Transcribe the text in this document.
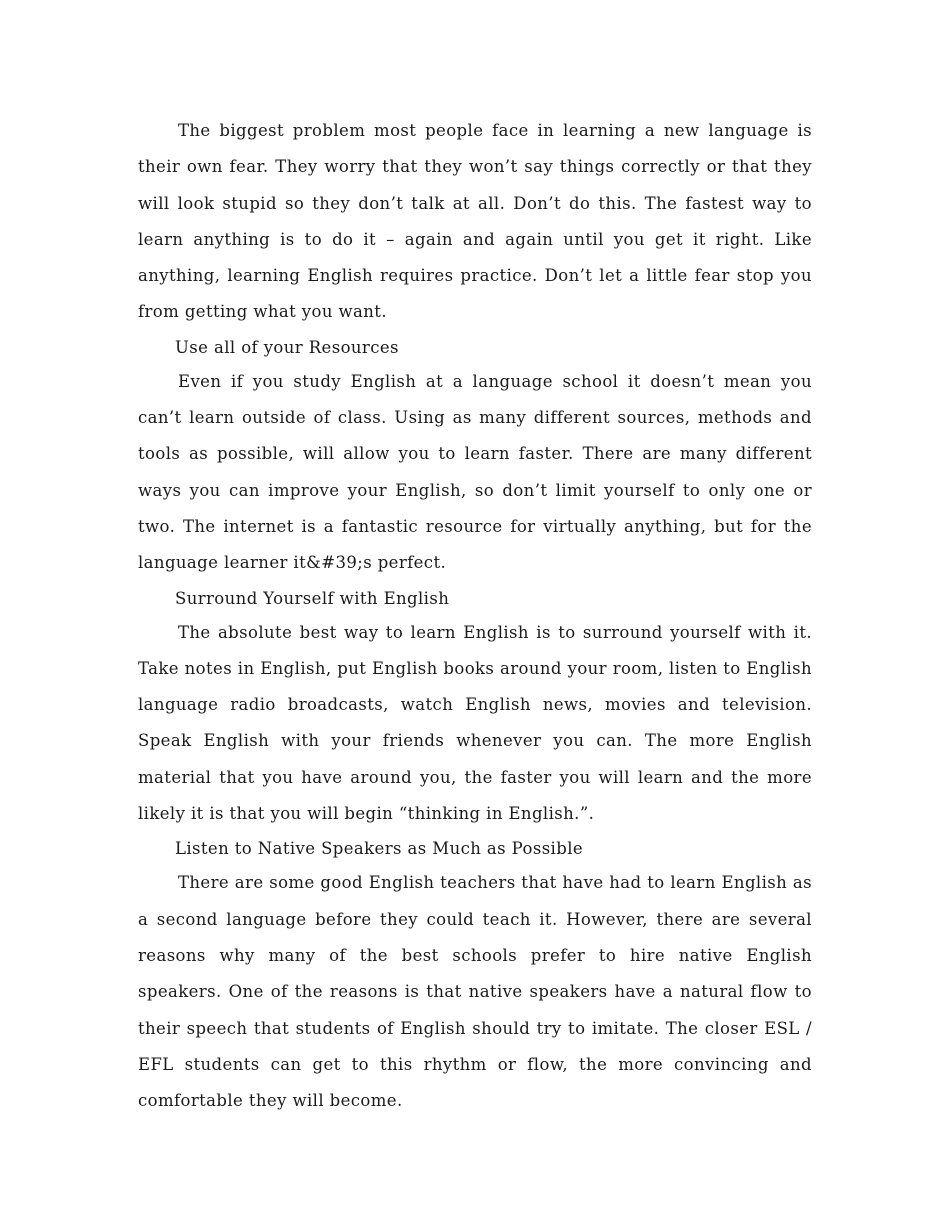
The biggest problem most people face in learning a new language is their own fear. They worry that they won’t say things correctly or that they will look stupid so they don’t talk at all. Don’t do this. The fastest way to learn anything is to do it – again and again until you get it right. Like anything, learning English requires practice. Don’t let a little fear stop you from getting what you want.

Use all of your Resources

Even if you study English at a language school it doesn’t mean you can’t learn outside of class. Using as many different sources, methods and tools as possible, will allow you to learn faster. There are many different ways you can improve your English, so don’t limit yourself to only one or two. The internet is a fantastic resource for virtually anything, but for the language learner it&#39;s perfect.

Surround Yourself with English

The absolute best way to learn English is to surround yourself with it. Take notes in English, put English books around your room, listen to English language radio broadcasts, watch English news, movies and television. Speak English with your friends whenever you can. The more English material that you have around you, the faster you will learn and the more likely it is that you will begin “thinking in English.”.

Listen to Native Speakers as Much as Possible

There are some good English teachers that have had to learn English as a second language before they could teach it. However, there are several reasons why many of the best schools prefer to hire native English speakers. One of the reasons is that native speakers have a natural flow to their speech that students of English should try to imitate. The closer ESL / EFL students can get to this rhythm or flow, the more convincing and comfortable they will become.
